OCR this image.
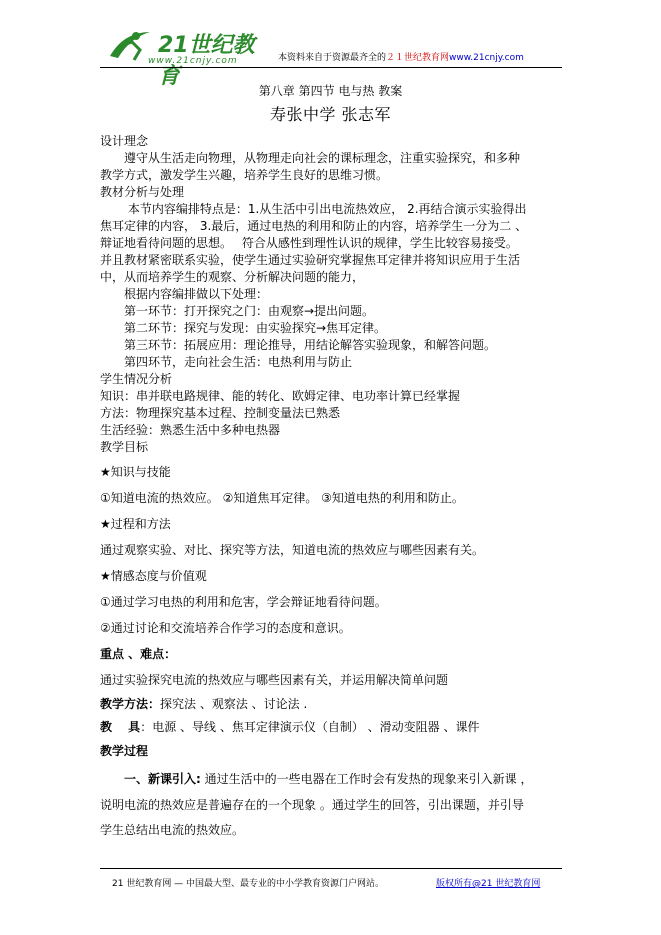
21世纪教育
www.21cnjy.com	本资料来自于资源最齐全的２１世纪教育网www.21cnjy.com
第八章 第四节 电与热 教案
寿张中学 张志军
设计理念
　　遵守从生活走向物理，从物理走向社会的课标理念，注重实验探究，和多种
教学方式，激发学生兴趣，培养学生良好的思维习惯。
教材分析与处理
　　 本节内容编排特点是：1.从生活中引出电流热效应， 2.再结合演示实验得出
焦耳定律的内容， 3.最后，通过电热的利用和防止的内容，培养学生一分为二 、
辩证地看待问题的思想。　 符合从感性到理性认识的规律，学生比较容易接受。
并且教材紧密联系实验，使学生通过实验研究掌握焦耳定律并将知识应用于生活
中，从而培养学生的观察、分析解决问题的能力，
　　根据内容编排做以下处理：
　　第一环节：打开探究之门：由观察→提出问题。
　　第二环节：探究与发现：由实验探究→焦耳定律。
　　第三环节：拓展应用：理论推导，用结论解答实验现象，和解答问题。
　　第四环节，走向社会生活：电热利用与防止
学生情况分析
知识：串并联电路规律、能的转化、欧姆定律、电功率计算已经掌握
方法：物理探究基本过程、控制变量法已熟悉
生活经验：熟悉生活中多种电热器
教学目标
★知识与技能
①知道电流的热效应。 ②知道焦耳定律。 ③知道电热的利用和防止。
★过程和方法
通过观察实验、对比、探究等方法，知道电流的热效应与哪些因素有关。
★情感态度与价值观
①通过学习电热的利用和危害，学会辩证地看待问题。
②通过讨论和交流培养合作学习的态度和意识。
重点 、难点：
通过实验探究电流的热效应与哪些因素有关，并运用解决简单问题
教学方法：探究法 、观察法 、讨论法 .
教　 具：电源 、导线 、焦耳定律演示仪（自制） 、滑动变阻器 、课件
教学过程
　　一、新课引入: 通过生活中的一些电器在工作时会有发热的现象来引入新课 ，
说明电流的热效应是普遍存在的一个现象 。通过学生的回答，引出课题，并引导
学生总结出电流的热效应。
21 世纪教育网 — 中国最大型、最专业的中小学教育资源门户网站。	版权所有@21 世纪教育网
